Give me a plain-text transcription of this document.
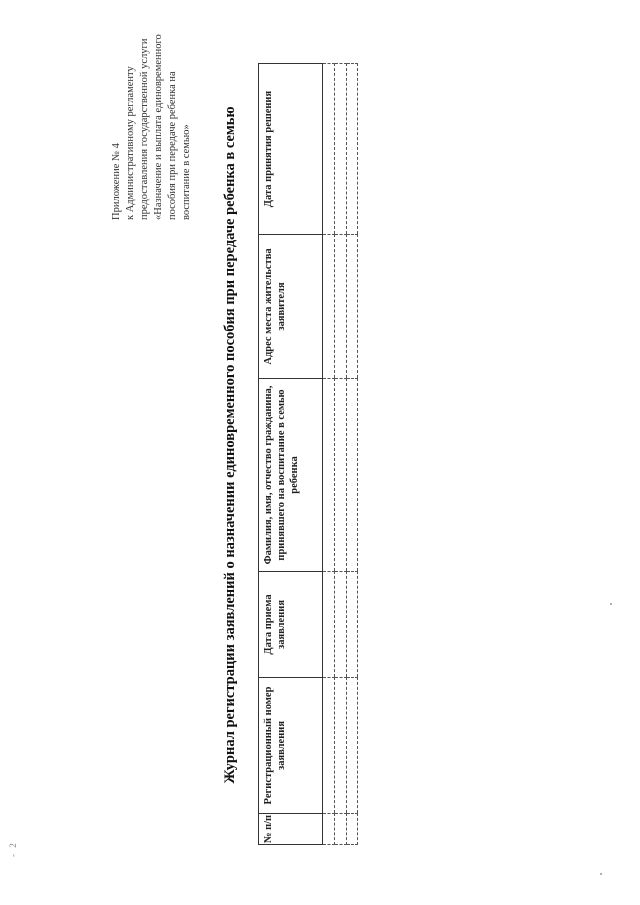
- 2
Приложение № 4 к Административному регламенту предоставления государственной услуги «Назначение и выплата единовременного пособия при передаче ребенка на воспитание в семью» Журнал регистрации заявлений о назначении единовременного пособия при передаче ребенка в семью
№ п/п	Регистрационный номер заявления	Дата приема заявления	Фамилия, имя, отчество гражданина, принявшего на воспитание в семью ребенка	Адрес места жительства заявителя	Дата принятия решения
